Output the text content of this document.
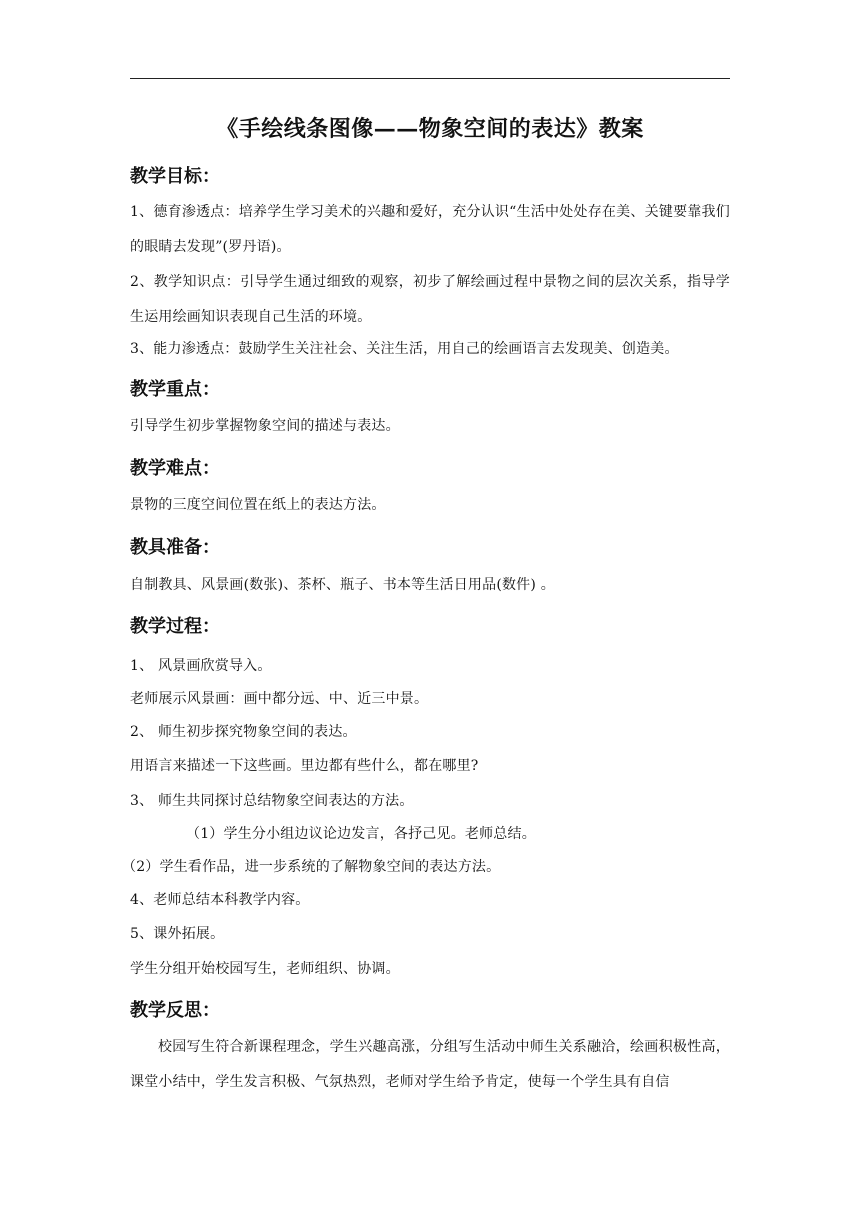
《手绘线条图像——物象空间的表达》教案
教学目标：
1、德育渗透点：培养学生学习美术的兴趣和爱好，充分认识“生活中处处存在美、关键要靠我们的眼睛去发现”(罗丹语)。
2、教学知识点：引导学生通过细致的观察，初步了解绘画过程中景物之间的层次关系，指导学生运用绘画知识表现自己生活的环境。
3、能力渗透点：鼓励学生关注社会、关注生活，用自己的绘画语言去发现美、创造美。
教学重点：
引导学生初步掌握物象空间的描述与表达。
教学难点：
景物的三度空间位置在纸上的表达方法。
教具准备：
自制教具、风景画(数张)、茶杯、瓶子、书本等生活日用品(数件) 。
教学过程：
1、 风景画欣赏导入。
老师展示风景画：画中都分远、中、近三中景。
2、 师生初步探究物象空间的表达。
用语言来描述一下这些画。里边都有些什么，都在哪里?
3、 师生共同探讨总结物象空间表达的方法。
（1）学生分小组边议论边发言，各抒己见。老师总结。
（2）学生看作品，进一步系统的了解物象空间的表达方法。
4、老师总结本科教学内容。
5、课外拓展。
学生分组开始校园写生，老师组织、协调。
教学反思：
校园写生符合新课程理念，学生兴趣高涨，分组写生活动中师生关系融洽，绘画积极性高，课堂小结中，学生发言积极、气氛热烈，老师对学生给予肯定，使每一个学生具有自信
